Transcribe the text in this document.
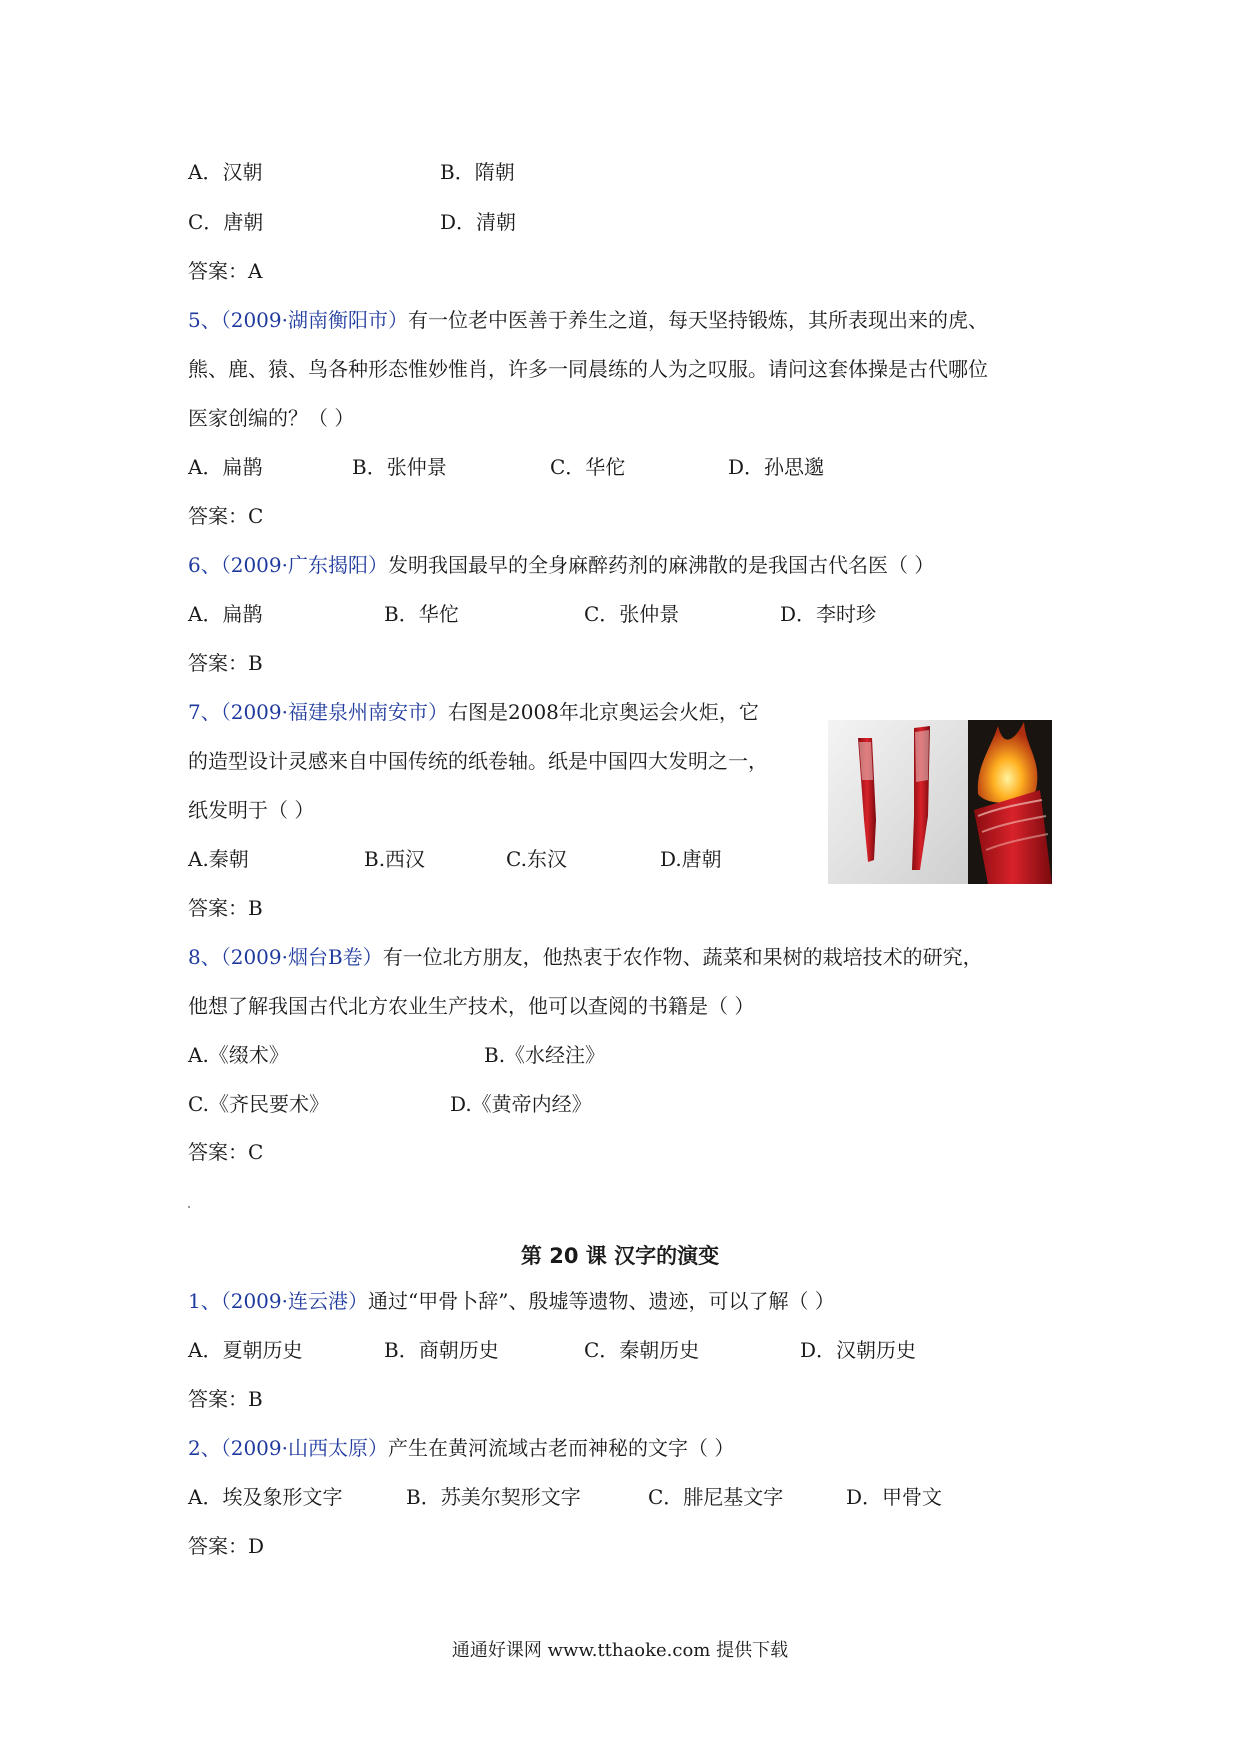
A．汉朝	B．隋朝
C．唐朝	D．清朝
答案：A
5、（2009·湖南衡阳市）有一位老中医善于养生之道，每天坚持锻炼，其所表现出来的虎、
熊、鹿、猿、鸟各种形态惟妙惟肖，许多一同晨练的人为之叹服。请问这套体操是古代哪位
医家创编的？（ ）
A．扁鹊	B．张仲景	C．华佗	D．孙思邈
答案：C
6、（2009·广东揭阳）发明我国最早的全身麻醉药剂的麻沸散的是我国古代名医（ ）
A．扁鹊	B．华佗	C．张仲景	D．李时珍
答案：B
7、（2009·福建泉州南安市）右图是2008年北京奥运会火炬，它
的造型设计灵感来自中国传统的纸卷轴。纸是中国四大发明之一，
纸发明于（ ）
A.秦朝	B.西汉	C.东汉	D.唐朝
答案：B
8、（2009·烟台B卷）有一位北方朋友，他热衷于农作物、蔬菜和果树的栽培技术的研究，
他想了解我国古代北方农业生产技术，他可以查阅的书籍是（ ）
A.《缀术》	B.《水经注》
C.《齐民要术》	D.《黄帝内经》
答案：C
第 20 课 汉字的演变
1、（2009·连云港）通过“甲骨卜辞”、殷墟等遗物、遗迹，可以了解（ ）
A．夏朝历史	B．商朝历史	C．秦朝历史	D．汉朝历史
答案：B
2、（2009·山西太原）产生在黄河流域古老而神秘的文字（ ）
A．埃及象形文字	B．苏美尔契形文字	C．腓尼基文字	D．甲骨文
答案：D
通通好课网 www.tthaoke.com 提供下载
